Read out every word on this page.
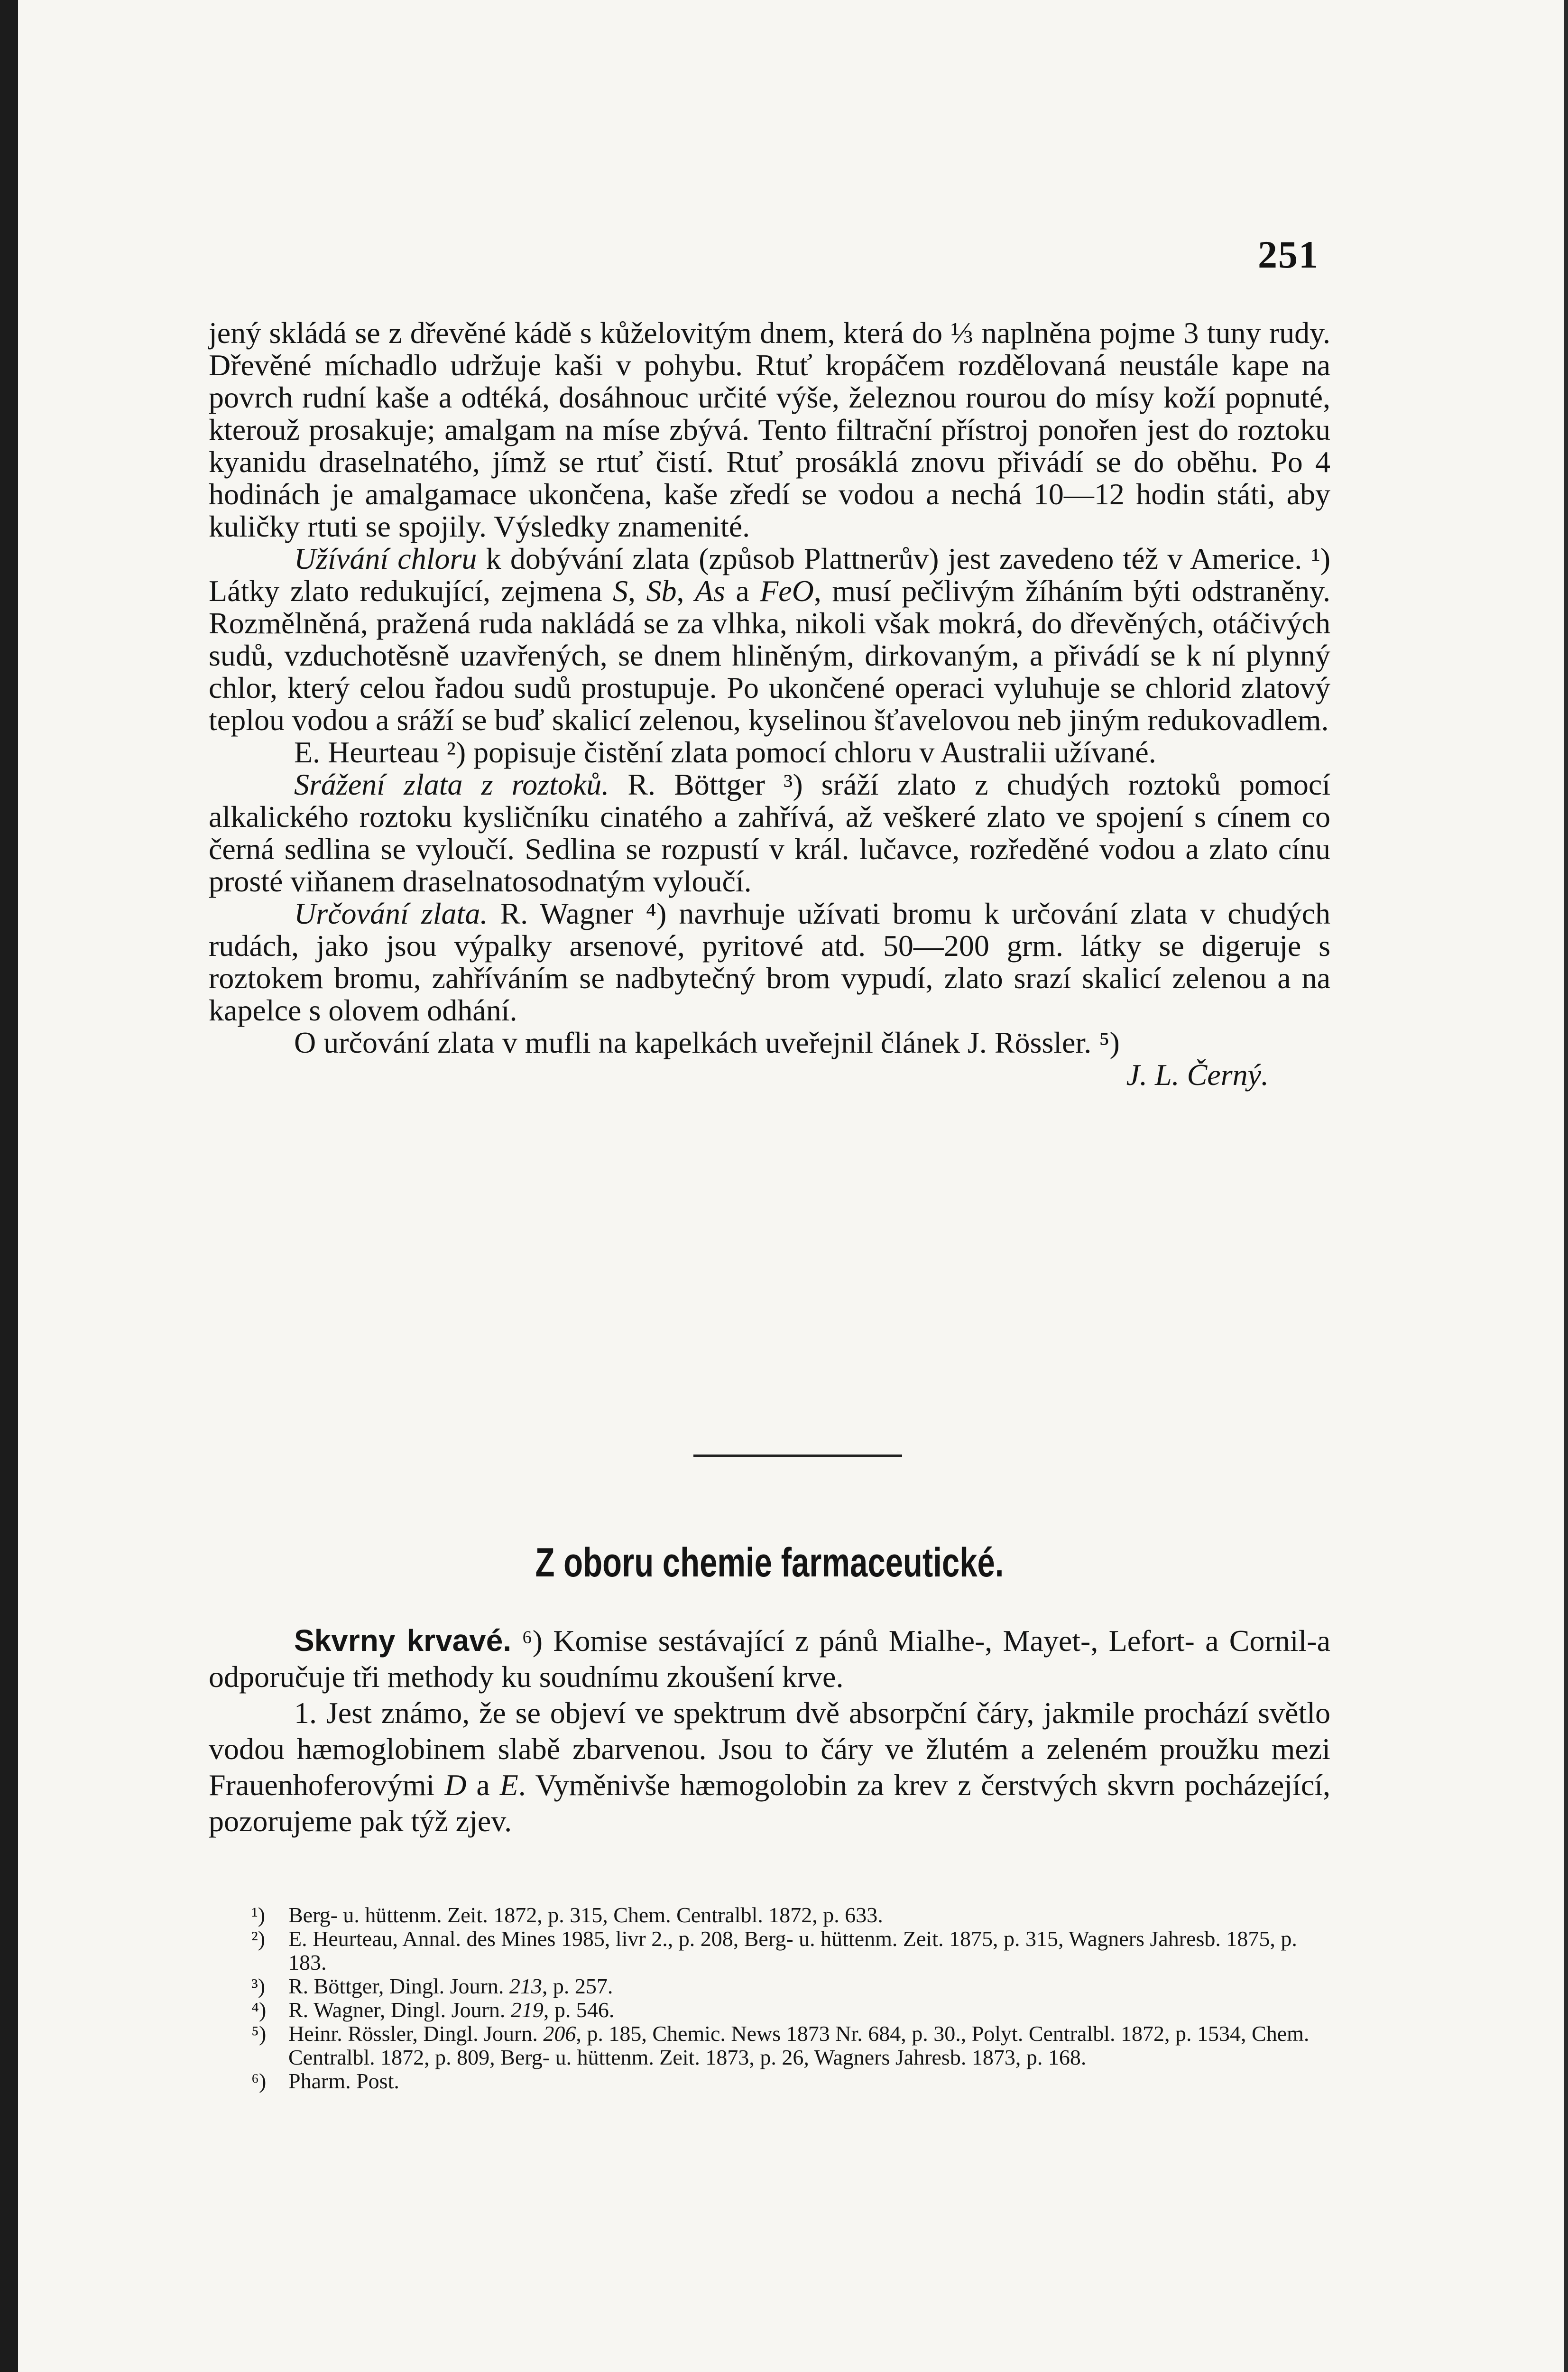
251

jený skládá se z dřevěné kádě s kůželovitým dnem, která do ⅓ naplněna pojme 3 tuny rudy. Dřevěné míchadlo udržuje kaši v pohybu. Rtuť kropáčem rozdělovaná neustále kape na povrch rudní kaše a odtéká, dosáhnouc určité výše, železnou rourou do mísy koží popnuté, kterouž prosakuje; amalgam na míse zbývá. Tento filtrační přístroj ponořen jest do roztoku kyanidu draselnatého, jímž se rtuť čistí. Rtuť prosáklá znovu přivádí se do oběhu. Po 4 hodinách je amalgamace ukončena, kaše zředí se vodou a nechá 10—12 hodin státi, aby kuličky rtuti se spojily. Výsledky znamenité.

Užívání chloru k dobývání zlata (způsob Plattnerův) jest zavedeno též v Americe. ¹) Látky zlato redukující, zejmena S, Sb, As a FeO, musí pečlivým žíháním býti odstraněny. Rozmělněná, pražená ruda nakládá se za vlhka, nikoli však mokrá, do dřevěných, otáčivých sudů, vzduchotěsně uzavřených, se dnem hliněným, dirkovaným, a přivádí se k ní plynný chlor, který celou řadou sudů prostupuje. Po ukončené operaci vyluhuje se chlorid zlatový teplou vodou a sráží se buď skalicí zelenou, kyselinou šťavelovou neb jiným redukovadlem.

E. Heurteau ²) popisuje čistění zlata pomocí chloru v Australii užívané.

Srážení zlata z roztoků. R. Böttger ³) sráží zlato z chudých roztoků pomocí alkalického roztoku kysličníku cinatého a zahřívá, až veškeré zlato ve spojení s cínem co černá sedlina se vyloučí. Sedlina se rozpustí v král. lučavce, rozředěné vodou a zlato cínu prosté viňanem draselnatosodnatým vyloučí.

Určování zlata. R. Wagner ⁴) navrhuje užívati bromu k určování zlata v chudých rudách, jako jsou výpalky arsenové, pyritové atd. 50—200 grm. látky se digeruje s roztokem bromu, zahříváním se nadbytečný brom vypudí, zlato srazí skalicí zelenou a na kapelce s olovem odhání.

O určování zlata v mufli na kapelkách uveřejnil článek J. Rössler. ⁵)

J. L. Černý.

Z oboru chemie farmaceutické.

Skvrny krvavé. ⁶) Komise sestávající z pánů Mialhe-, Mayet-, Lefort- a Cornil-a odporučuje tři methody ku soudnímu zkoušení krve.

1. Jest známo, že se objeví ve spektrum dvě absorpční čáry, jakmile prochází světlo vodou hæmoglobinem slabě zbarvenou. Jsou to čáry ve žlutém a zeleném proužku mezi Frauenhoferovými D a E. Vyměnivše hæmogolobin za krev z čerstvých skvrn pocházející, pozorujeme pak týž zjev.

¹)	Berg- u. hüttenm. Zeit. 1872, p. 315, Chem. Centralbl. 1872, p. 633.
²)	E. Heurteau, Annal. des Mines 1985, livr 2., p. 208, Berg- u. hüttenm. Zeit. 1875, p. 315, Wagners Jahresb. 1875, p. 183.
³)	R. Böttger, Dingl. Journ. 213, p. 257.
⁴)	R. Wagner, Dingl. Journ. 219, p. 546.
⁵)	Heinr. Rössler, Dingl. Journ. 206, p. 185, Chemic. News 1873 Nr. 684, p. 30., Polyt. Centralbl. 1872, p. 1534, Chem. Centralbl. 1872, p. 809, Berg- u. hüttenm. Zeit. 1873, p. 26, Wagners Jahresb. 1873, p. 168.
⁶)	Pharm. Post.
